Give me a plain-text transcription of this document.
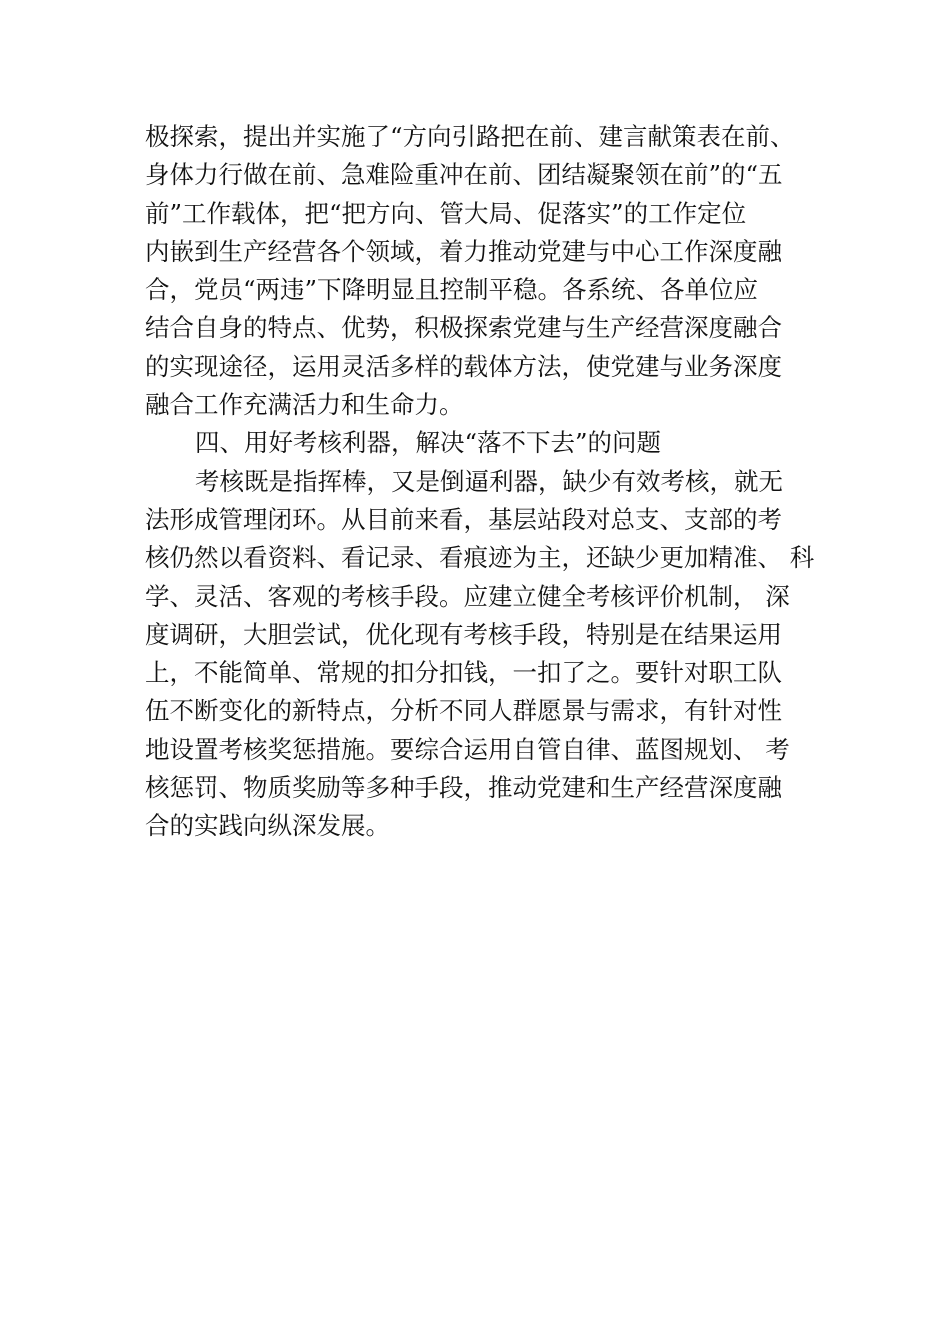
极探索，提出并实施了“方向引路把在前、建言献策表在前、
身体力行做在前、急难险重冲在前、团结凝聚领在前”的“五
前”工作载体，把“把方向、管大局、促落实”的工作定位
内嵌到生产经营各个领域，着力推动党建与中心工作深度融
合，党员“两违”下降明显且控制平稳。各系统、各单位应
结合自身的特点、优势，积极探索党建与生产经营深度融合
的实现途径，运用灵活多样的载体方法，使党建与业务深度
融合工作充满活力和生命力。
四、用好考核利器，解决“落不下去”的问题
考核既是指挥棒，又是倒逼利器，缺少有效考核，就无
法形成管理闭环。从目前来看，基层站段对总支、支部的考
核仍然以看资料、看记录、看痕迹为主，还缺少更加精准、 科
学、灵活、客观的考核手段。应建立健全考核评价机制， 深
度调研，大胆尝试，优化现有考核手段，特别是在结果运用
上，不能简单、常规的扣分扣钱，一扣了之。要针对职工队
伍不断变化的新特点，分析不同人群愿景与需求，有针对性
地设置考核奖惩措施。要综合运用自管自律、蓝图规划、 考
核惩罚、物质奖励等多种手段，推动党建和生产经营深度融
合的实践向纵深发展。
